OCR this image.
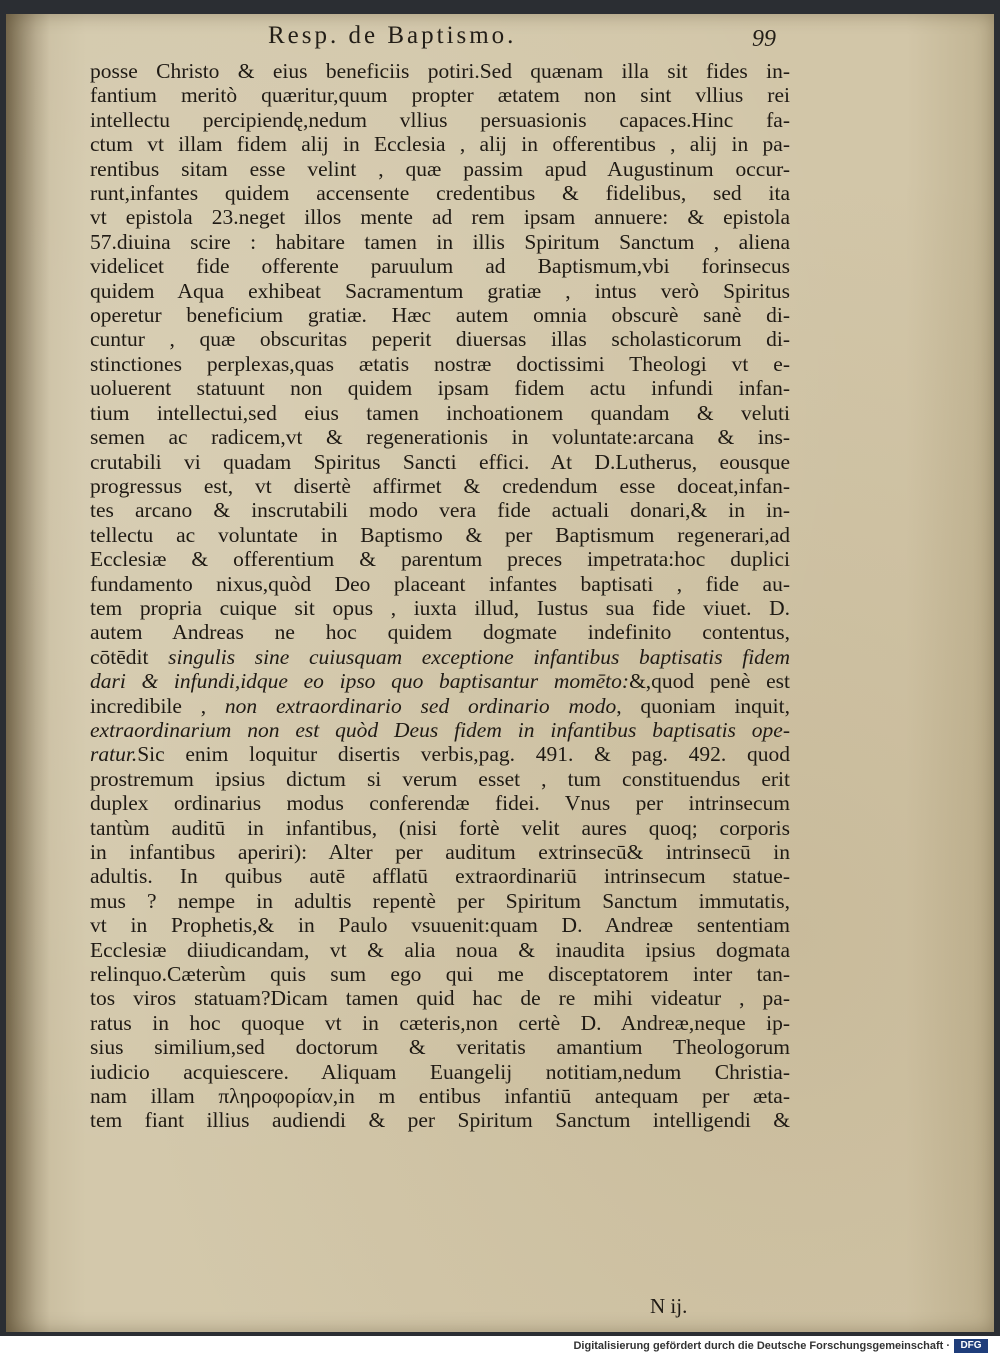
Resp. de Baptismo.	99
posse Christo & eius beneficiis potiri.Sed quænam illa sit fides in-
fantium meritò quæritur,quum propter ætatem non sint vllius rei
intellectu percipiendę,nedum vllius persuasionis capaces.Hinc fa-
ctum vt illam fidem alij in Ecclesia , alij in offerentibus , alij in pa-
rentibus sitam esse velint , quæ passim apud Augustinum occur-
runt,infantes quidem accensente credentibus & fidelibus, sed ita
vt epistola 23.neget illos mente ad rem ipsam annuere: & epistola
57.diuina scire : habitare tamen in illis Spiritum Sanctum , aliena
videlicet fide offerente paruulum ad Baptismum,vbi forinsecus
quidem Aqua exhibeat Sacramentum gratiæ , intus verò Spiritus
operetur beneficium gratiæ. Hæc autem omnia obscurè sanè di-
cuntur , quæ obscuritas peperit diuersas illas scholasticorum di-
stinctiones perplexas,quas ætatis nostræ doctissimi Theologi vt e-
uoluerent statuunt non quidem ipsam fidem actu infundi infan-
tium intellectui,sed eius tamen inchoationem quandam & veluti
semen ac radicem,vt & regenerationis in voluntate:arcana & ins-
crutabili vi quadam Spiritus Sancti effici. At D.Lutherus, eousque
progressus est, vt disertè affirmet & credendum esse doceat,infan-
tes arcano & inscrutabili modo vera fide actuali donari,& in in-
tellectu ac voluntate in Baptismo & per Baptismum regenerari,ad
Ecclesiæ & offerentium & parentum preces impetrata:hoc duplici
fundamento nixus,quòd Deo placeant infantes baptisati , fide au-
tem propria cuique sit opus , iuxta illud, Iustus sua fide viuet. D.
autem Andreas ne hoc quidem dogmate indefinito contentus,
cōtēdit singulis sine cuiusquam exceptione infantibus baptisatis fidem
dari & infundi,idque eo ipso quo baptisantur momēto:&,quod penè est
incredibile , non extraordinario sed ordinario modo, quoniam inquit,
extraordinarium non est quòd Deus fidem in infantibus baptisatis ope-
ratur.Sic enim loquitur disertis verbis,pag. 491. & pag. 492. quod
prostremum ipsius dictum si verum esset , tum constituendus erit
duplex ordinarius modus conferendæ fidei. Vnus per intrinsecum
tantùm auditū in infantibus, (nisi fortè velit aures quoq; corporis
in infantibus aperiri): Alter per auditum extrinsecū& intrinsecū in
adultis. In quibus autē afflatū extraordinariū intrinsecum statue-
mus ? nempe in adultis repentè per Spiritum Sanctum immutatis,
vt in Prophetis,& in Paulo vsuuenit:quam D. Andreæ sententiam
Ecclesiæ diiudicandam, vt & alia noua & inaudita ipsius dogmata
relinquo.Cæterùm quis sum ego qui me disceptatorem inter tan-
tos viros statuam?Dicam tamen quid hac de re mihi videatur , pa-
ratus in hoc quoque vt in cæteris,non certè D. Andreæ,neque ip-
sius similium,sed doctorum & veritatis amantium Theologorum
iudicio acquiescere. Aliquam Euangelij notitiam,nedum Christia-
nam illam πληροφορίαν,in m entibus infantiū antequam per æta-
tem fiant illius audiendi & per Spiritum Sanctum intelligendi &
N ij.
Digitalisierung gefördert durch die Deutsche Forschungsgemeinschaft ·	DFG
